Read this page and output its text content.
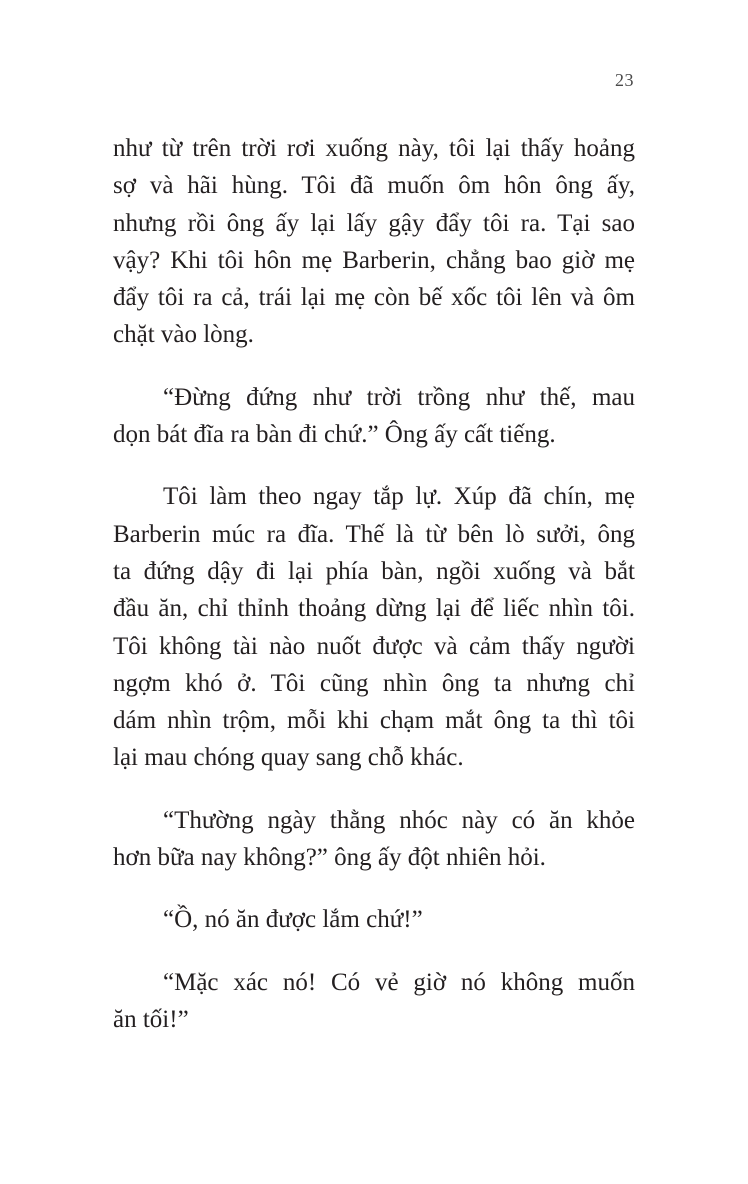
23

như từ trên trời rơi xuống này, tôi lại thấy hoảng
sợ và hãi hùng. Tôi đã muốn ôm hôn ông ấy,
nhưng rồi ông ấy lại lấy gậy đẩy tôi ra. Tại sao
vậy? Khi tôi hôn mẹ Barberin, chẳng bao giờ mẹ
đẩy tôi ra cả, trái lại mẹ còn bế xốc tôi lên và ôm
chặt vào lòng.

“Đừng đứng như trời trồng như thế, mau
dọn bát đĩa ra bàn đi chứ.” Ông ấy cất tiếng.

Tôi làm theo ngay tắp lự. Xúp đã chín, mẹ
Barberin múc ra đĩa. Thế là từ bên lò sưởi, ông
ta đứng dậy đi lại phía bàn, ngồi xuống và bắt
đầu ăn, chỉ thỉnh thoảng dừng lại để liếc nhìn tôi.
Tôi không tài nào nuốt được và cảm thấy người
ngợm khó ở. Tôi cũng nhìn ông ta nhưng chỉ
dám nhìn trộm, mỗi khi chạm mắt ông ta thì tôi
lại mau chóng quay sang chỗ khác.

“Thường ngày thằng nhóc này có ăn khỏe
hơn bữa nay không?” ông ấy đột nhiên hỏi.

“Ồ, nó ăn được lắm chứ!”

“Mặc xác nó! Có vẻ giờ nó không muốn
ăn tối!”
